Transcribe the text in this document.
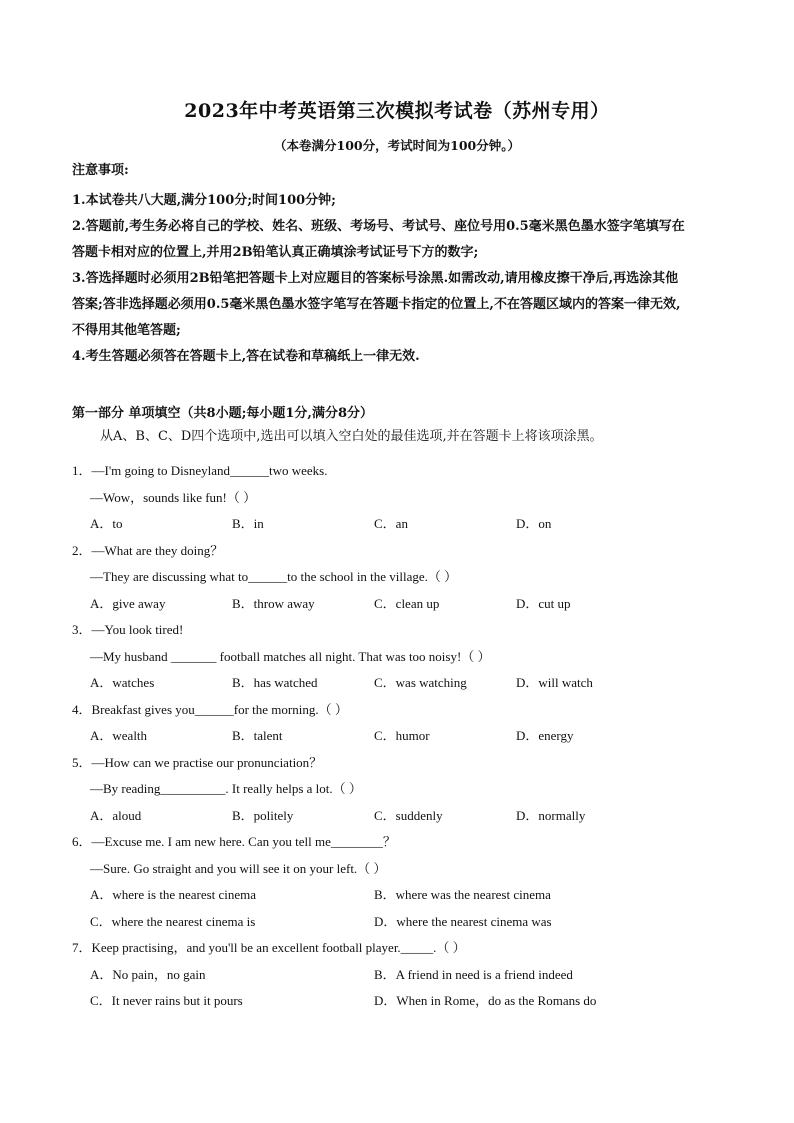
2023年中考英语第三次模拟考试卷（苏州专用）
（本卷满分100分，考试时间为100分钟。）
注意事项:
1.本试卷共八大题,满分100分;时间100分钟;
2.答题前,考生务必将自己的学校、姓名、班级、考场号、考试号、座位号用0.5毫米黑色墨水签字笔填写在
答题卡相对应的位置上,并用2B铅笔认真正确填涂考试证号下方的数字;
3.答选择题时必须用2B铅笔把答题卡上对应题目的答案标号涂黑.如需改动,请用橡皮擦干净后,再选涂其他
答案;答非选择题必须用0.5毫米黑色墨水签字笔写在答题卡指定的位置上,不在答题区域内的答案一律无效,
不得用其他笔答题;
4.考生答题必须答在答题卡上,答在试卷和草稿纸上一律无效.
第一部分 单项填空（共8小题;每小题1分,满分8分）
从A、B、C、D四个选项中,选出可以填入空白处的最佳选项,并在答题卡上将该项涂黑。
1．—I'm going to Disneyland______two weeks.
—Wow，sounds like fun!（ ）
A．to	B．in	C．an	D．on
2．—What are they doing？
—They are discussing what to______to the school in the village.（ ）
A．give away	B．throw away	C．clean up	D．cut up
3．—You look tired!
—My husband _______ football matches all night. That was too noisy!（ ）
A．watches	B．has watched	C．was watching	D．will watch
4．Breakfast gives you______for the morning.（ ）
A．wealth	B．talent	C．humor	D．energy
5．—How can we practise our pronunciation？
—By reading__________. It really helps a lot.（ ）
A．aloud	B．politely	C．suddenly	D．normally
6．—Excuse me. I am new here. Can you tell me________？
—Sure. Go straight and you will see it on your left.（ ）
A．where is the nearest cinema	B．where was the nearest cinema
C．where the nearest cinema is	D．where the nearest cinema was
7．Keep practising，and you'll be an excellent football player._____.（ ）
A．No pain，no gain	B．A friend in need is a friend indeed
C．It never rains but it pours	D．When in Rome，do as the Romans do
